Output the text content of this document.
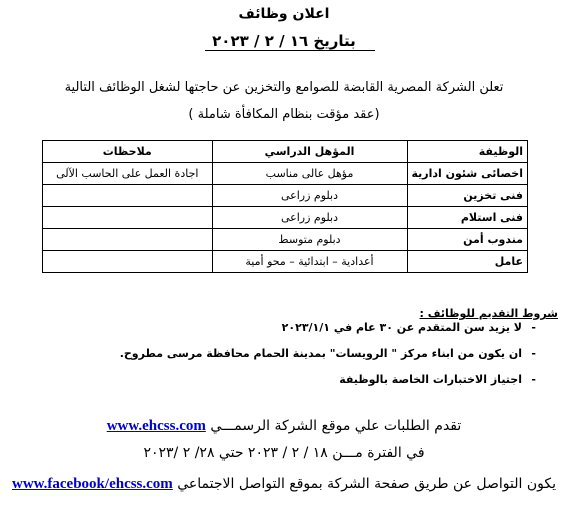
اعلان وظائف
بتاريخ ١٦ / ٢ / ٢٠٢٣
تعلن الشركة المصرية القابضة للصوامع والتخزين عن حاجتها لشغل الوظائف التالية
(عقد مؤقت بنظام المكافأة شاملة )
الوظيفة	المؤهل الدراسي	ملاحظات
اخصائى شئون ادارية	مؤهل عالى مناسب	اجادة العمل على الحاسب الآلى
فنى تخزين	دبلوم زراعى	
فنى استلام	دبلوم زراعى	
مندوب أمن	دبلوم متوسط	
عامل	أعدادية – ابتدائية – محو أمية	
شروط التقديم للوظائف :
- لا يزيد سن المتقدم عن ٣٠ عام في ٢٠٢٣/١/١
- ان يكون من ابناء مركز " الرويسات" بمدينة الحمام محافظة مرسى مطروح.
- اجتياز الاختبارات الخاصة بالوظيفة
تقدم الطلبات علي موقع الشركة الرسمـــي www.ehcss.com
في الفترة مـــن ١٨ / ٢ / ٢٠٢٣ حتي ٢٨/ ٢ /٢٠٢٣
يكون التواصل عن طريق صفحة الشركة بموقع التواصل الاجتماعي www.facebook/ehcss.com
